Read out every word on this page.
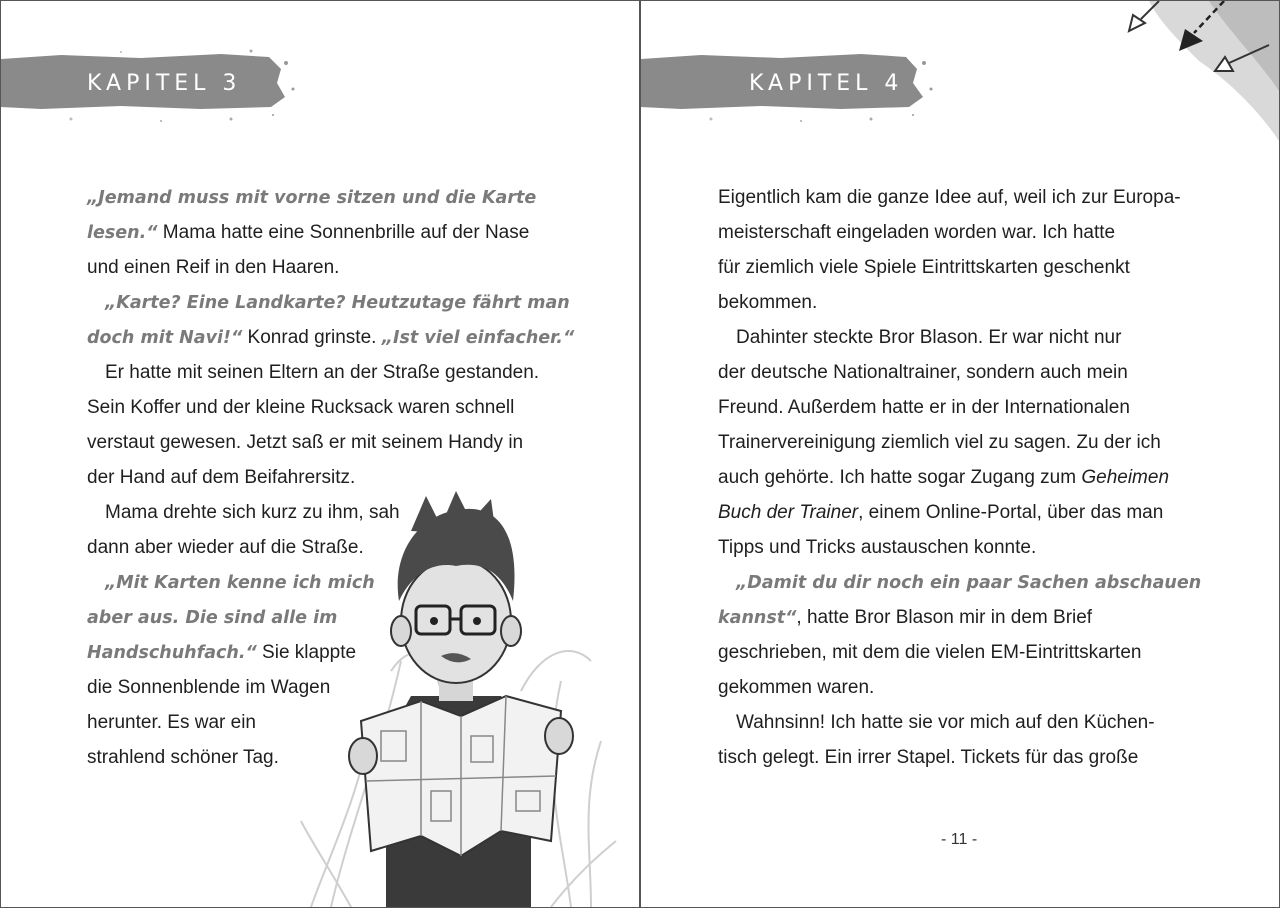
KAPITEL 3
„Jemand muss mit vorne sitzen und die Karte
lesen.“ Mama hatte eine Sonnenbrille auf der Nase
und einen Reif in den Haaren.
„Karte? Eine Landkarte? Heutzutage fährt man
doch mit Navi!“ Konrad grinste. „Ist viel einfacher.“
Er hatte mit seinen Eltern an der Straße gestanden.
Sein Koffer und der kleine Rucksack waren schnell
verstaut gewesen. Jetzt saß er mit seinem Handy in
der Hand auf dem Beifahrersitz.
Mama drehte sich kurz zu ihm, sah
dann aber wieder auf die Straße.
„Mit Karten kenne ich mich
aber aus. Die sind alle im
Handschuhfach.“ Sie klappte
die Sonnenblende im Wagen
herunter. Es war ein
strahlend schöner Tag.
KAPITEL 4
Eigentlich kam die ganze Idee auf, weil ich zur Europa-
meisterschaft eingeladen worden war. Ich hatte
für ziemlich viele Spiele Eintrittskarten geschenkt
bekommen.
Dahinter steckte Bror Blason. Er war nicht nur
der deutsche Nationaltrainer, sondern auch mein
Freund. Außerdem hatte er in der Internationalen
Trainervereinigung ziemlich viel zu sagen. Zu der ich
auch gehörte. Ich hatte sogar Zugang zum Geheimen
Buch der Trainer, einem Online-Portal, über das man
Tipps und Tricks austauschen konnte.
„Damit du dir noch ein paar Sachen abschauen
kannst“, hatte Bror Blason mir in dem Brief
geschrieben, mit dem die vielen EM-Eintrittskarten
gekommen waren.
Wahnsinn! Ich hatte sie vor mich auf den Küchen-
tisch gelegt. Ein irrer Stapel. Tickets für das große
- 11 -
